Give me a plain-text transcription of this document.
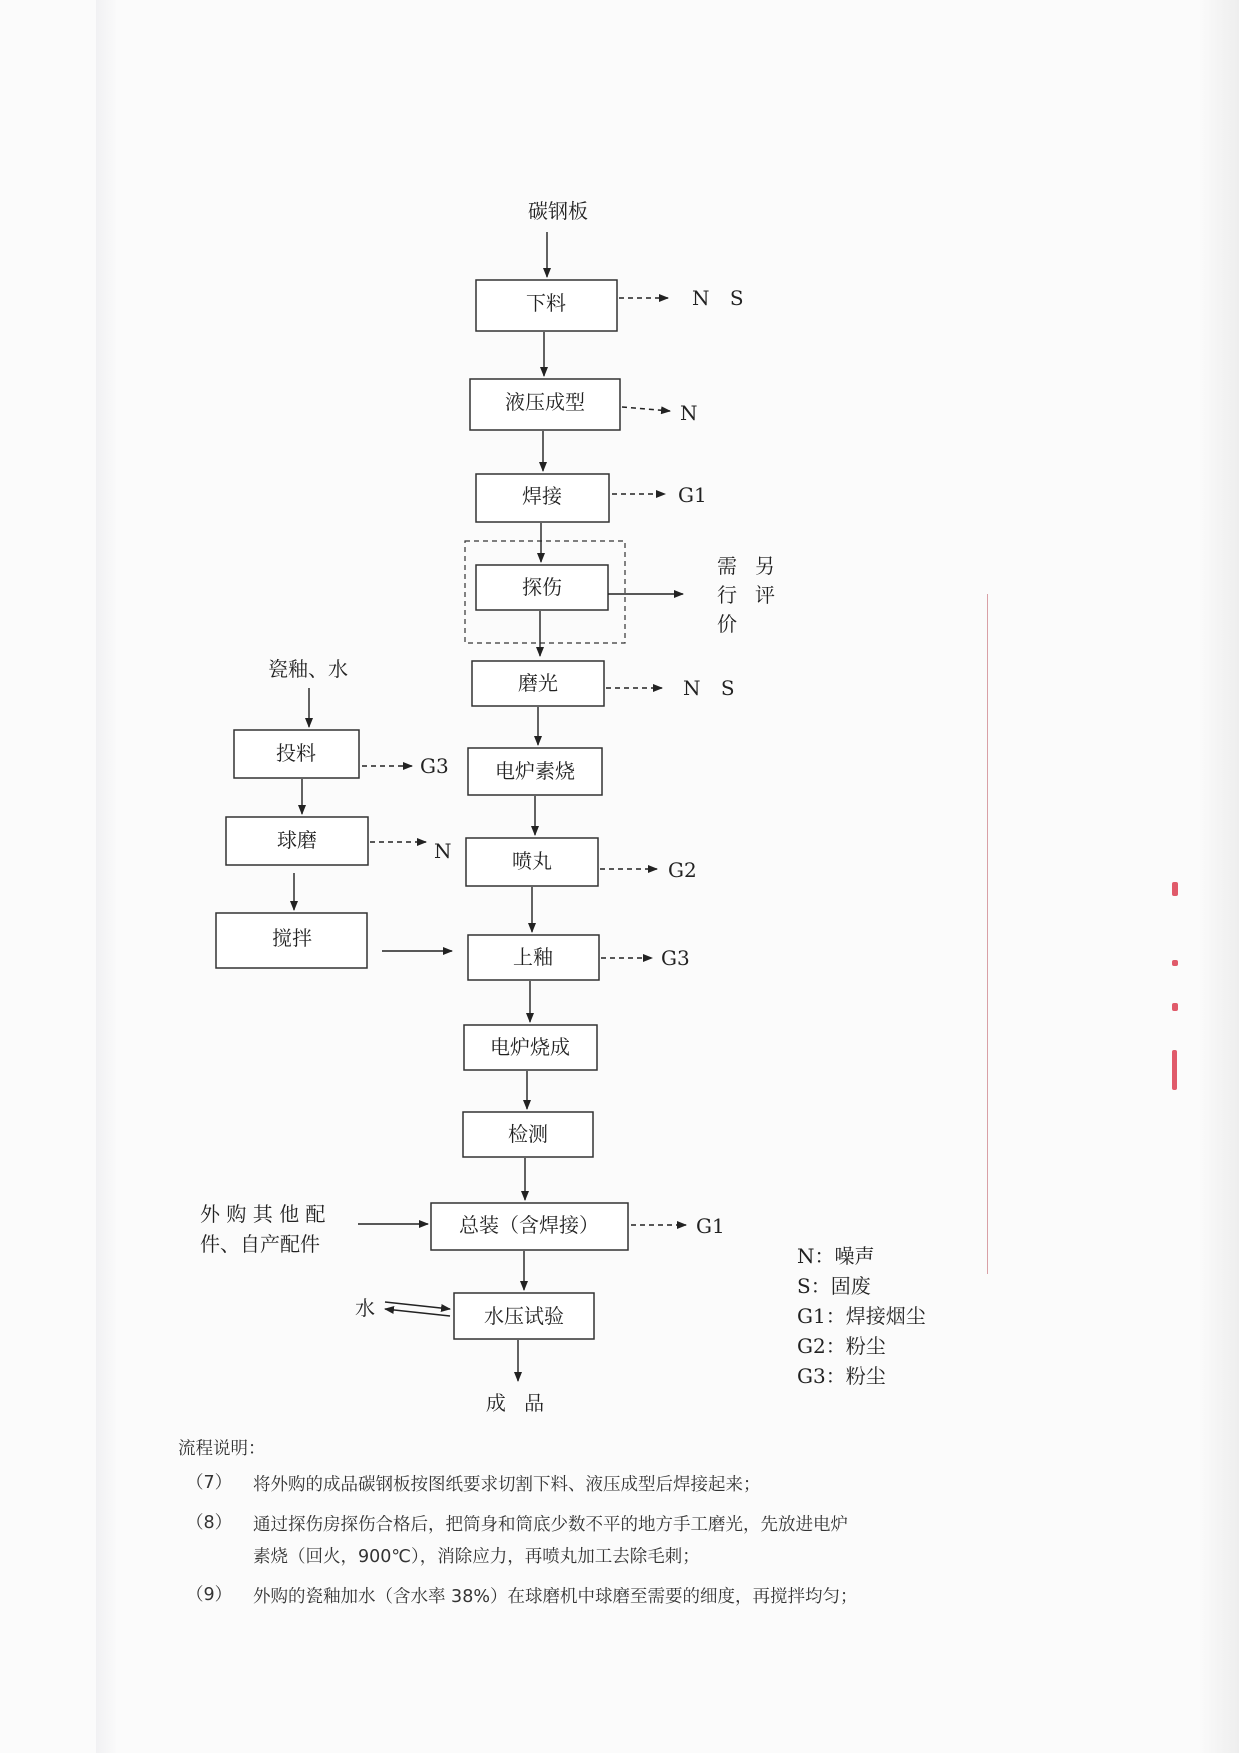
碳钢板
下料	N S
液压成型	N
焊接	G1
探伤
需 另
行 评
价
磨光	N S
电炉素烧
喷丸	G2
上釉	G3
电炉烧成
检测
总装（含焊接）	G1
外 购 其 他 配
件、自产配件
水压试验
水
成 品
瓷釉、水
投料
G3
球磨	N
搅拌
N：噪声
S：固废
G1：焊接烟尘
G2：粉尘
G3：粉尘
流程说明：
（7） 将外购的成品碳钢板按图纸要求切割下料、液压成型后焊接起来；
（8） 通过探伤房探伤合格后，把筒身和筒底少数不平的地方手工磨光，先放进电炉
素烧（回火，900℃），消除应力，再喷丸加工去除毛刺；
（9） 外购的瓷釉加水（含水率 38%）在球磨机中球磨至需要的细度，再搅拌均匀；
